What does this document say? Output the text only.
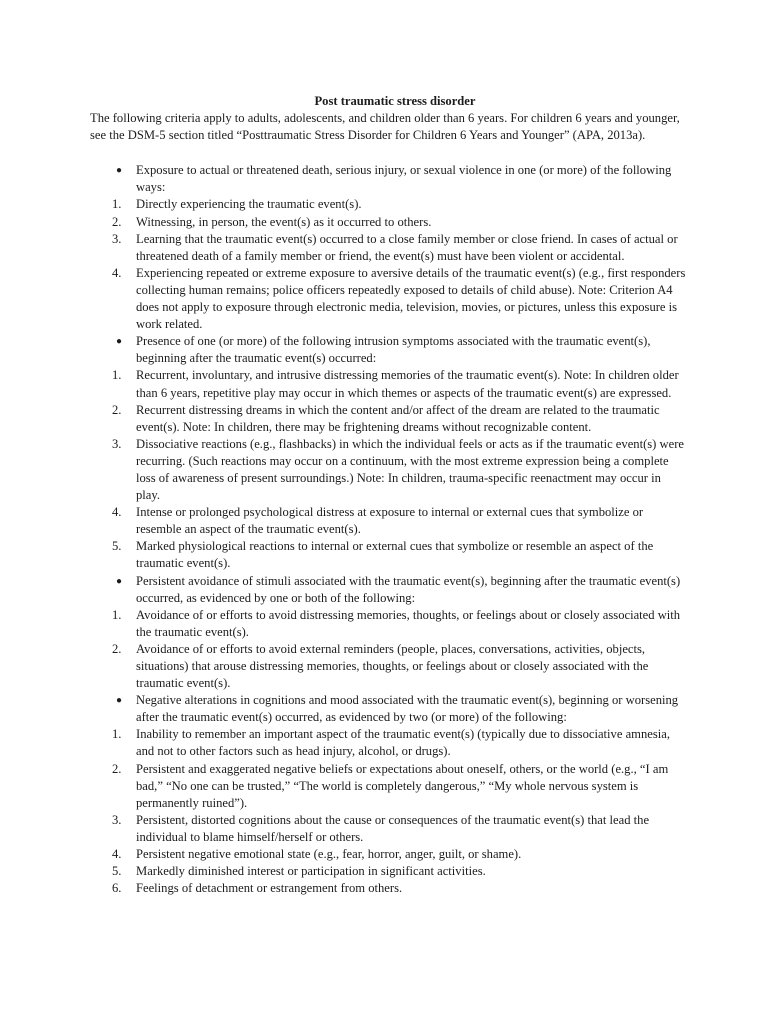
Post traumatic stress disorder

The following criteria apply to adults, adolescents, and children older than 6 years. For children 6 years and younger, see the DSM-5 section titled “Posttraumatic Stress Disorder for Children 6 Years and Younger” (APA, 2013a).

●	Exposure to actual or threatened death, serious injury, or sexual violence in one (or more) of the following ways:
1.	Directly experiencing the traumatic event(s).
2.	Witnessing, in person, the event(s) as it occurred to others.
3.	Learning that the traumatic event(s) occurred to a close family member or close friend. In cases of actual or threatened death of a family member or friend, the event(s) must have been violent or accidental.
4.	Experiencing repeated or extreme exposure to aversive details of the traumatic event(s) (e.g., first responders collecting human remains; police officers repeatedly exposed to details of child abuse). Note: Criterion A4 does not apply to exposure through electronic media, television, movies, or pictures, unless this exposure is work related.
●	Presence of one (or more) of the following intrusion symptoms associated with the traumatic event(s), beginning after the traumatic event(s) occurred:
1.	Recurrent, involuntary, and intrusive distressing memories of the traumatic event(s). Note: In children older than 6 years, repetitive play may occur in which themes or aspects of the traumatic event(s) are expressed.
2.	Recurrent distressing dreams in which the content and/or affect of the dream are related to the traumatic event(s). Note: In children, there may be frightening dreams without recognizable content.
3.	Dissociative reactions (e.g., flashbacks) in which the individual feels or acts as if the traumatic event(s) were recurring. (Such reactions may occur on a continuum, with the most extreme expression being a complete loss of awareness of present surroundings.) Note: In children, trauma-specific reenactment may occur in play.
4.	Intense or prolonged psychological distress at exposure to internal or external cues that symbolize or resemble an aspect of the traumatic event(s).
5.	Marked physiological reactions to internal or external cues that symbolize or resemble an aspect of the traumatic event(s).
●	Persistent avoidance of stimuli associated with the traumatic event(s), beginning after the traumatic event(s) occurred, as evidenced by one or both of the following:
1.	Avoidance of or efforts to avoid distressing memories, thoughts, or feelings about or closely associated with the traumatic event(s).
2.	Avoidance of or efforts to avoid external reminders (people, places, conversations, activities, objects, situations) that arouse distressing memories, thoughts, or feelings about or closely associated with the traumatic event(s).
●	Negative alterations in cognitions and mood associated with the traumatic event(s), beginning or worsening after the traumatic event(s) occurred, as evidenced by two (or more) of the following:
1.	Inability to remember an important aspect of the traumatic event(s) (typically due to dissociative amnesia, and not to other factors such as head injury, alcohol, or drugs).
2.	Persistent and exaggerated negative beliefs or expectations about oneself, others, or the world (e.g., “I am bad,” “No one can be trusted,” “The world is completely dangerous,” “My whole nervous system is permanently ruined”).
3.	Persistent, distorted cognitions about the cause or consequences of the traumatic event(s) that lead the individual to blame himself/herself or others.
4.	Persistent negative emotional state (e.g., fear, horror, anger, guilt, or shame).
5.	Markedly diminished interest or participation in significant activities.
6.	Feelings of detachment or estrangement from others.
